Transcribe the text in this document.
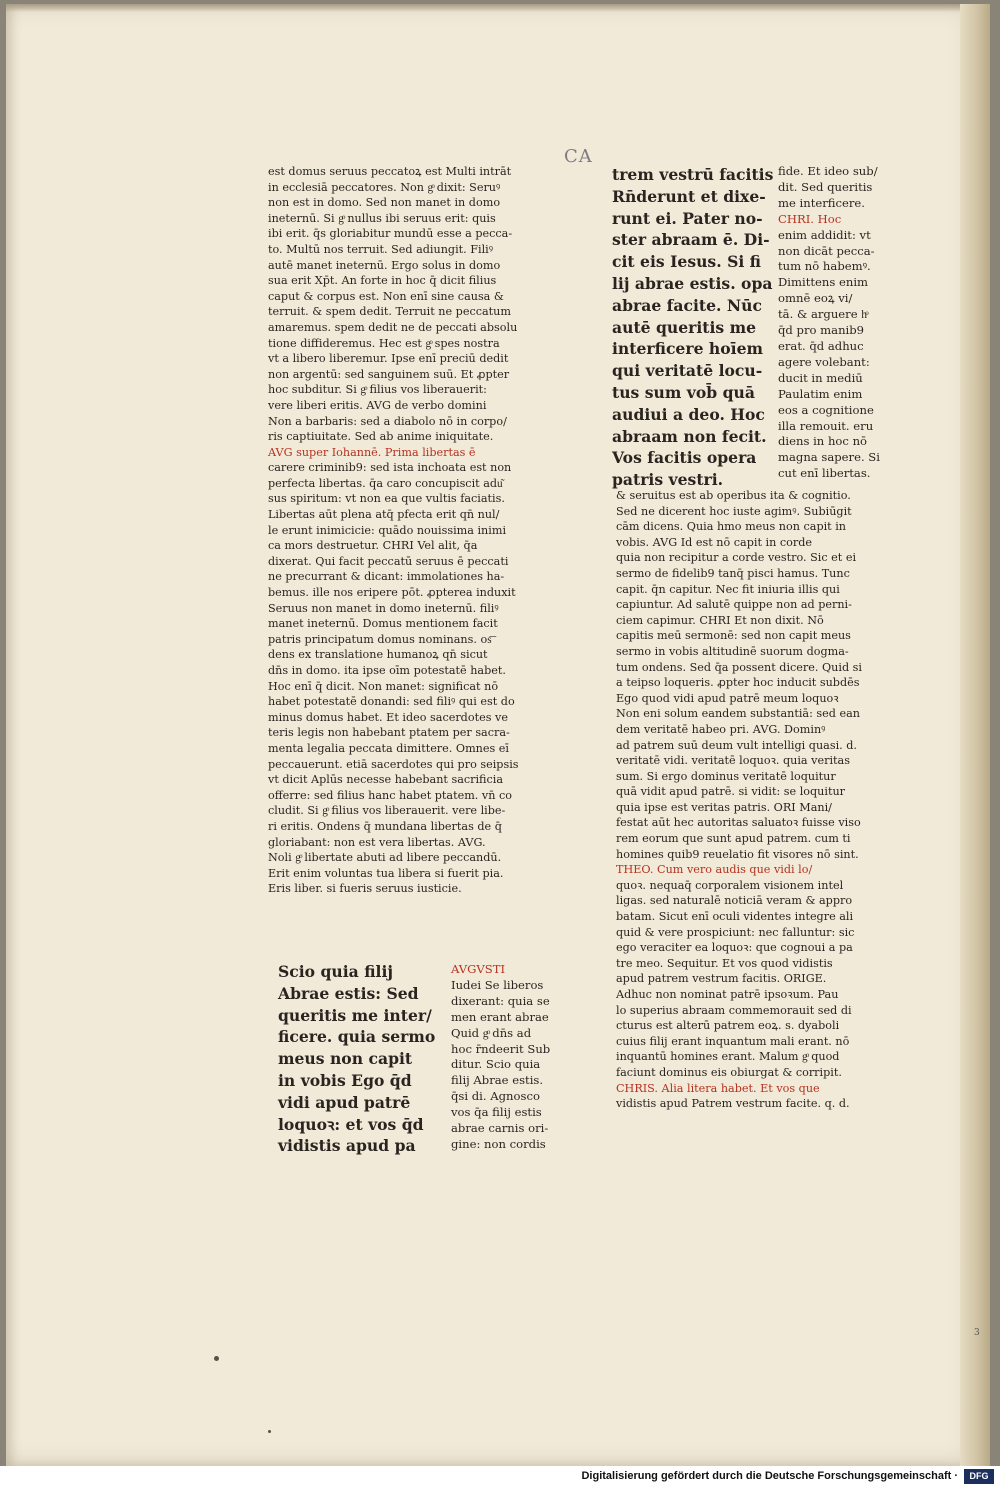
CA
est domus seruus peccatoꝝ est Multi intrāt
in ecclesiā peccatores. Non gͦ dixit: Seruꝰ
non est in domo. Sed non manet in domo
ineternū. Si gͦ nullus ibi seruus erit: quis
ibi erit. q̄s gloriabitur mundū esse a pecca-
to. Multū nos terruit. Sed adiungit. Filiꝰ
autē manet ineternū. Ergo solus in domo
sua erit Xp̄t. An forte in hoc q̄ dicit filius
caput & corpus est. Non enī sine causa &
terruit. & spem dedit. Terruit ne peccatum
amaremus. spem dedit ne de peccati absolu
tione diffideremus. Hec est gͦ spes nostra
vt a libero liberemur. Ipse enī preciū dedit
non argentū: sed sanguinem suū. Et ꝓpter
hoc subditur. Si gͦ filius vos liberauerit:
vere liberi eritis. AVG de verbo domini
Non a barbaris: sed a diabolo nō in corpo/
ris captiuitate. Sed ab anime iniquitate.
AVG super Iohannē. Prima libertas ē
carere criminib9: sed ista inchoata est non
perfecta libertas. q̄a caro concupiscit adu͂
sus spiritum: vt non ea que vultis faciatis.
Libertas aūt plena atq̄ pfecta erit qn̄ nul/
le erunt inimicicie: quādo nouissima inimi
ca mors destruetur. CHRI Vel alit, q̄a
dixerat. Qui facit peccatū seruus ē peccati
ne precurrant & dicant: immolationes ha-
bemus. ille nos eripere pōt. ꝓpterea induxit
Seruus non manet in domo ineternū. filiꝰ
manet ineternū. Domus mentionem facit
patris principatum domus nominans. os͞
dens ex translatione humanoꝝ qn̄ sicut
dn̄s in domo. ita ipse oīm potestatē habet.
Hoc enī q̄ dicit. Non manet: significat nō
habet potestatē donandi: sed filiꝰ qui est do
minus domus habet. Et ideo sacerdotes ve
teris legis non habebant ptatem per sacra-
menta legalia peccata dimittere. Omnes eī
peccauerunt. etiā sacerdotes qui pro seipsis
vt dicit Aplūs necesse habebant sacrificia
offerre: sed filius hanc habet ptatem. vn̄ co
cludit. Si gͦ filius vos liberauerit. vere libe-
ri eritis. Ondens q̄ mundana libertas de q̄
gloriabant: non est vera libertas. AVG.
Noli gͦ libertate abuti ad libere peccandū.
Erit enim voluntas tua libera si fuerit pia.
Eris liber. si fueris seruus iusticie.
Scio quia filij
Abrae estis: Sed
queritis me inter/
ficere. quia sermo
meus non capit
in vobis Ego q̄d
vidi apud patrē
loquoꝛ: et vos q̄d
vidistis apud pa
AVGVSTI
Iudei Se liberos
dixerant: quia se
men erant abrae
Quid gͦ dn̄s ad
hoc r̄ndeerit Sub
ditur. Scio quia
filij Abrae estis.
q̄si di. Agnosco
vos q̄a filij estis
abrae carnis ori-
gine: non cordis
trem vestrū facitis
Rn̄derunt et dixe-
runt ei. Pater no-
ster abraam ē. Di-
cit eis Iesus. Si fi
lij abrae estis. opa
abrae facite. Nūc
autē queritis me
interficere hoīem
qui veritatē locu-
tus sum vob̄ quā
audiui a deo. Hoc
abraam non fecit.
Vos facitis opera
patris vestri.
fide. Et ideo sub/
dit. Sed queritis
me interficere.
CHRI. Hoc
enim addidit: vt
non dicāt pecca-
tum nō habemꝰ.
Dimittens enim
omnē eoꝝ vi/
tā. & arguere hͦ
q̄d pro manib9
erat. q̄d adhuc
agere volebant:
ducit in mediū
Paulatim enim
eos a cognitione
illa remouit. eru
diens in hoc nō
magna sapere. Si
cut enī libertas.
& seruitus est ab operibus ita & cognitio.
Sed ne dicerent hoc iuste agimꝰ. Subiūgit
cām dicens. Quia hmo meus non capit in
vobis. AVG Id est nō capit in corde
quia non recipitur a corde vestro. Sic et ei
sermo de fidelib9 tanq̄ pisci hamus. Tunc
capit. q̄n capitur. Nec fit iniuria illis qui
capiuntur. Ad salutē quippe non ad perni-
ciem capimur. CHRI Et non dixit. Nō
capitis meū sermonē: sed non capit meus
sermo in vobis altitudinē suorum dogma-
tum ondens. Sed q̄a possent dicere. Quid si
a teipso loqueris. ꝓpter hoc inducit subdēs
Ego quod vidi apud patrē meum loquoꝛ
Non eni solum eandem substantiā: sed ean
dem veritatē habeo pri. AVG. Dominꝰ
ad patrem suū deum vult intelligi quasi. d.
veritatē vidi. veritatē loquoꝛ. quia veritas
sum. Si ergo dominus veritatē loquitur
quā vidit apud patrē. si vidit: se loquitur
quia ipse est veritas patris. ORI Mani/
festat aūt hec autoritas saluatoꝛ fuisse viso
rem eorum que sunt apud patrem. cum ti
homines quib9 reuelatio fit visores nō sint.
THEO. Cum vero audis que vidi lo/
quoꝛ. nequaq̄ corporalem visionem intel
ligas. sed naturalē noticiā veram & appro
batam. Sicut enī oculi videntes integre ali
quid & vere prospiciunt: nec falluntur: sic
ego veraciter ea loquoꝛ: que cognoui a pa
tre meo. Sequitur. Et vos quod vidistis
apud patrem vestrum facitis. ORIGE.
Adhuc non nominat patrē ipsoꝛum. Pau
lo superius abraam commemorauit sed di
cturus est alterū patrem eoꝝ. s. dyaboli
cuius filij erant inquantum mali erant. nō
inquantū homines erant. Malum gͦ quod
faciunt dominus eis obiurgat & corripit.
CHRIS. Alia litera habet. Et vos que
vidistis apud Patrem vestrum facite. q. d.
3
Digitalisierung gefördert durch die Deutsche Forschungsgemeinschaft ·	DFG
